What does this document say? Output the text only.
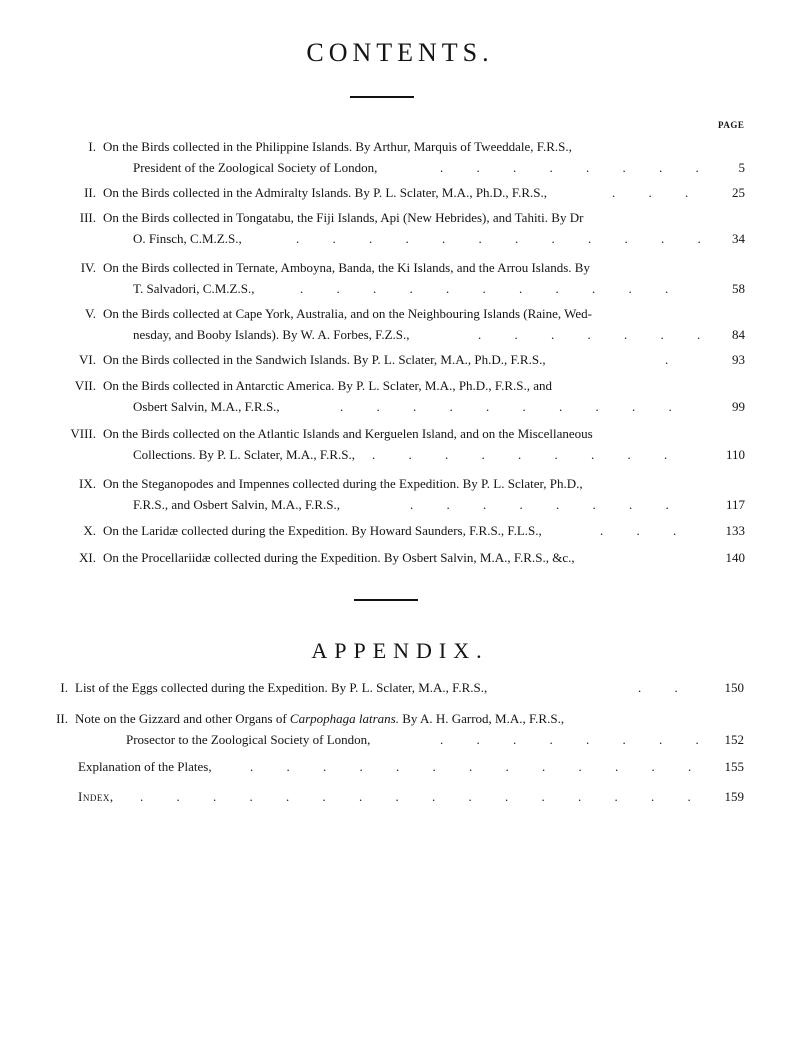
CONTENTS.
PAGE
I. On the Birds collected in the Philippine Islands. By Arthur, Marquis of Tweeddale, F.R.S.,
President of the Zoological Society of London, . . .	5
II. On the Birds collected in the Admiralty Islands. By P. L. Sclater, M.A., Ph.D., F.R.S., . . .	25
III. On the Birds collected in Tongatabu, the Fiji Islands, Api (New Hebrides), and Tahiti. By Dr
O. Finsch, C.M.Z.S., . . .	34
IV. On the Birds collected in Ternate, Amboyna, Banda, the Ki Islands, and the Arrou Islands. By
T. Salvadori, C.M.Z.S., . . .	58
V. On the Birds collected at Cape York, Australia, and on the Neighbouring Islands (Raine, Wed-
nesday, and Booby Islands). By W. A. Forbes, F.Z.S., . . .	84
VI. On the Birds collected in the Sandwich Islands. By P. L. Sclater, M.A., Ph.D., F.R.S., . . .	93
VII. On the Birds collected in Antarctic America. By P. L. Sclater, M.A., Ph.D., F.R.S., and
Osbert Salvin, M.A., F.R.S., . . .	99
VIII. On the Birds collected on the Atlantic Islands and Kerguelen Island, and on the Miscellaneous
Collections. By P. L. Sclater, M.A., F.R.S., . . .	110
IX. On the Steganopodes and Impennes collected during the Expedition. By P. L. Sclater, Ph.D.,
F.R.S., and Osbert Salvin, M.A., F.R.S., . . .	117
X. On the Laridæ collected during the Expedition. By Howard Saunders, F.R.S., F.L.S., . . .	133
XI. On the Procellariidæ collected during the Expedition. By Osbert Salvin, M.A., F.R.S., &c.,	140
APPENDIX.
I. List of the Eggs collected during the Expedition. By P. L. Sclater, M.A., F.R.S., . . .	150
II. Note on the Gizzard and other Organs of Carpophaga latrans. By A. H. Garrod, M.A., F.R.S.,
Prosector to the Zoological Society of London, . . .	152
Explanation of the Plates, . . .	155
Index, . . .	159
